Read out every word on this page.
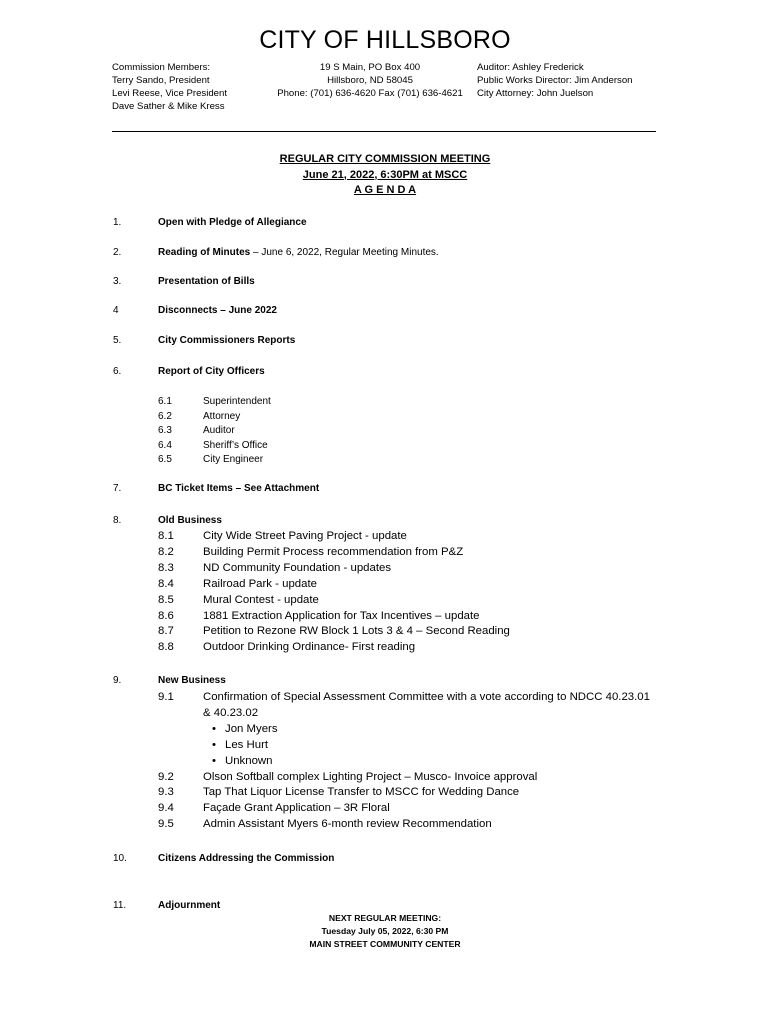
CITY OF HILLSBORO
Commission Members:
Terry Sando, President
Levi Reese, Vice President
Dave Sather & Mike Kress
19 S Main, PO Box 400
Hillsboro, ND 58045
Phone: (701) 636-4620 Fax (701) 636-4621
Auditor: Ashley Frederick
Public Works Director: Jim Anderson
City Attorney: John Juelson
REGULAR CITY COMMISSION MEETING
June 21, 2022, 6:30PM at MSCC
A G E N D A
1.	Open with Pledge of Allegiance
2.	Reading of Minutes – June 6, 2022, Regular Meeting Minutes.
3.	Presentation of Bills
4	Disconnects – June 2022
5.	City Commissioners Reports
6.	Report of City Officers
6.1	Superintendent
6.2	Attorney
6.3	Auditor
6.4	Sheriff’s Office
6.5	City Engineer
7.	BC Ticket Items – See Attachment
8.	Old Business
8.1	City Wide Street Paving Project - update
8.2	Building Permit Process recommendation from P&Z
8.3	ND Community Foundation - updates
8.4	Railroad Park - update
8.5	Mural Contest - update
8.6	1881 Extraction Application for Tax Incentives – update
8.7	Petition to Rezone RW Block 1 Lots 3 & 4 – Second Reading
8.8	Outdoor Drinking Ordinance- First reading
9.	New Business
9.1	Confirmation of Special Assessment Committee with a vote according to NDCC 40.23.01
& 40.23.02
• Jon Myers
• Les Hurt
• Unknown
9.2	Olson Softball complex Lighting Project – Musco- Invoice approval
9.3	Tap That Liquor License Transfer to MSCC for Wedding Dance
9.4	Façade Grant Application – 3R Floral
9.5	Admin Assistant Myers 6-month review Recommendation
10.	Citizens Addressing the Commission
11.	Adjournment
NEXT REGULAR MEETING:
Tuesday July 05, 2022, 6:30 PM
MAIN STREET COMMUNITY CENTER
